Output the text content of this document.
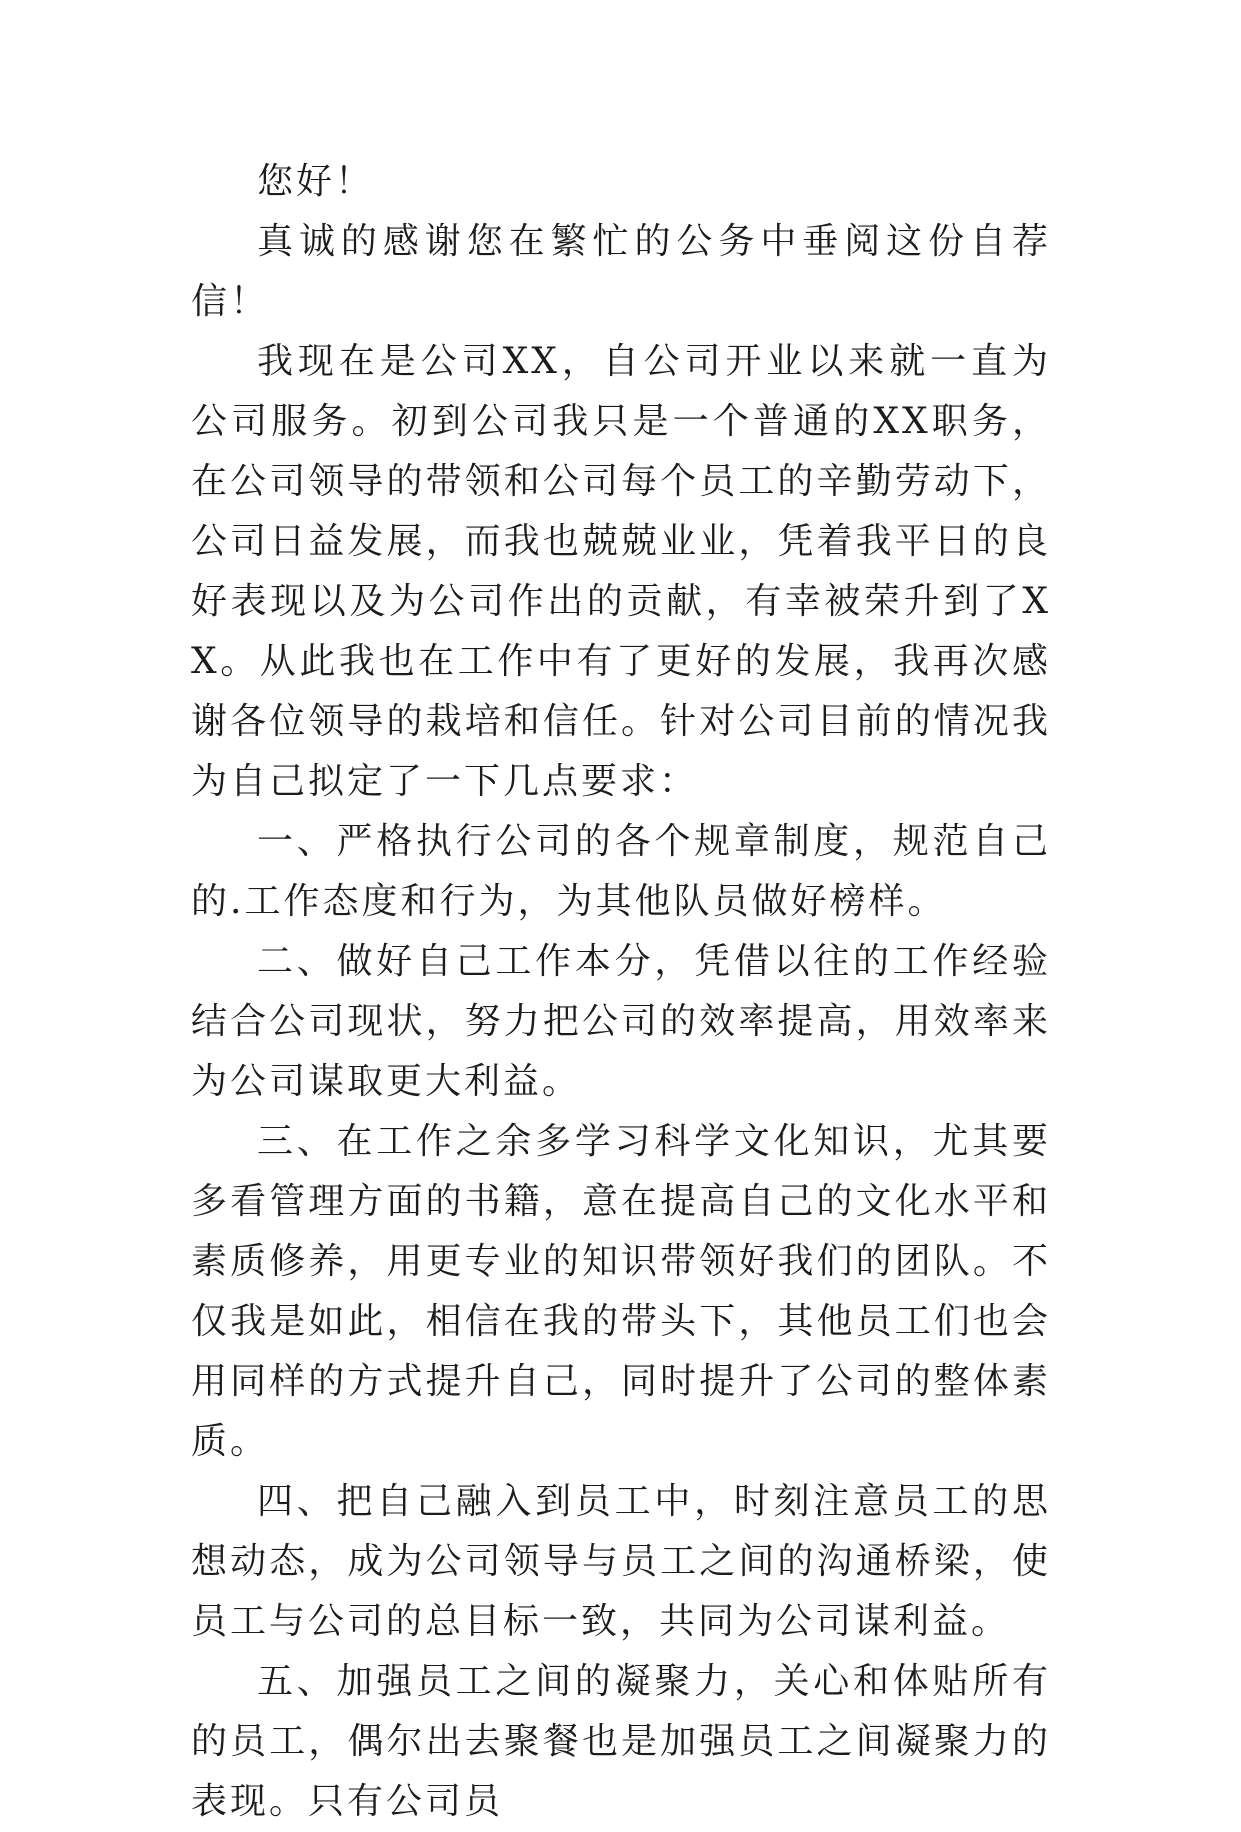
您好！

真诚的感谢您在繁忙的公务中垂阅这份自荐信！

我现在是公司XX，自公司开业以来就一直为公司服务。初到公司我只是一个普通的XX职务，在公司领导的带领和公司每个员工的辛勤劳动下，公司日益发展，而我也兢兢业业，凭着我平日的良好表现以及为公司作出的贡献，有幸被荣升到了XX。从此我也在工作中有了更好的发展，我再次感谢各位领导的栽培和信任。针对公司目前的情况我为自己拟定了一下几点要求：

一、严格执行公司的各个规章制度，规范自己的.工作态度和行为，为其他队员做好榜样。

二、做好自己工作本分，凭借以往的工作经验结合公司现状，努力把公司的效率提高，用效率来为公司谋取更大利益。

三、在工作之余多学习科学文化知识，尤其要多看管理方面的书籍，意在提高自己的文化水平和素质修养，用更专业的知识带领好我们的团队。不仅我是如此，相信在我的带头下，其他员工们也会用同样的方式提升自己，同时提升了公司的整体素质。

四、把自己融入到员工中，时刻注意员工的思想动态，成为公司领导与员工之间的沟通桥梁，使员工与公司的总目标一致，共同为公司谋利益。

五、加强员工之间的凝聚力，关心和体贴所有的员工，偶尔出去聚餐也是加强员工之间凝聚力的表现。只有公司员
